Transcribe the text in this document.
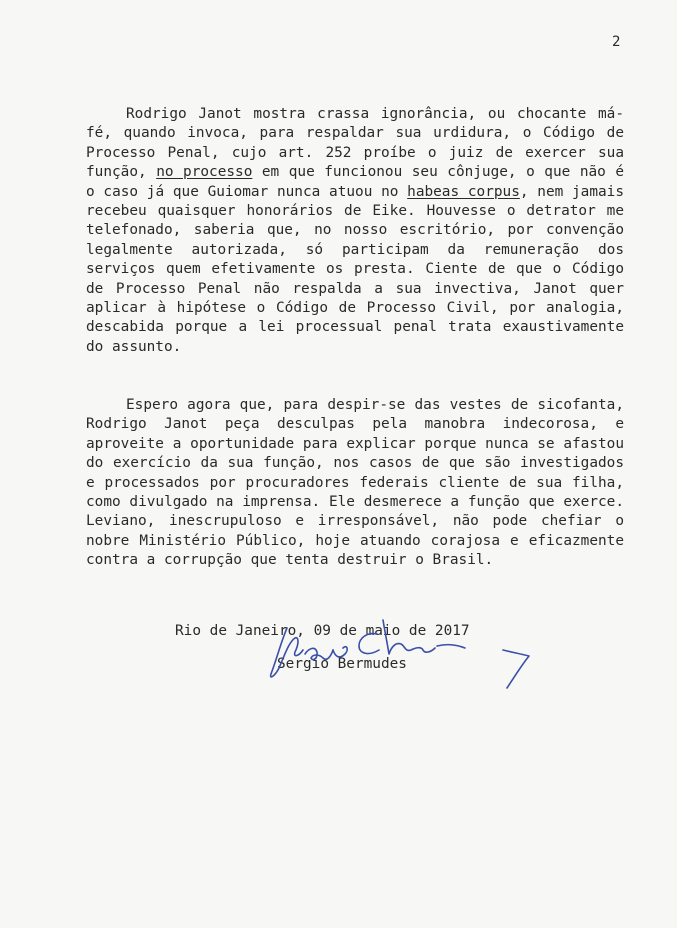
2

Rodrigo Janot mostra crassa ignorância, ou chocante má-fé, quando invoca, para respaldar sua urdidura, o Código de Processo Penal, cujo art. 252 proíbe o juiz de exercer sua função, no processo em que funcionou seu cônjuge, o que não é o caso já que Guiomar nunca atuou no habeas corpus, nem jamais recebeu quaisquer honorários de Eike. Houvesse o detrator me telefonado, saberia que, no nosso escritório, por convenção legalmente autorizada, só participam da remuneração dos serviços quem efetivamente os presta. Ciente de que o Código de Processo Penal não respalda a sua invectiva, Janot quer aplicar à hipótese o Código de Processo Civil, por analogia, descabida porque a lei processual penal trata exaustivamente do assunto.

Espero agora que, para despir-se das vestes de sicofanta, Rodrigo Janot peça desculpas pela manobra indecorosa, e aproveite a oportunidade para explicar porque nunca se afastou do exercício da sua função, nos casos de que são investigados e processados por procuradores federais cliente de sua filha, como divulgado na imprensa. Ele desmerece a função que exerce. Leviano, inescrupuloso e irresponsável, não pode chefiar o nobre Ministério Público, hoje atuando corajosa e eficazmente contra a corrupção que tenta destruir o Brasil.

Rio de Janeiro, 09 de maio de 2017
Sergio Bermudes
